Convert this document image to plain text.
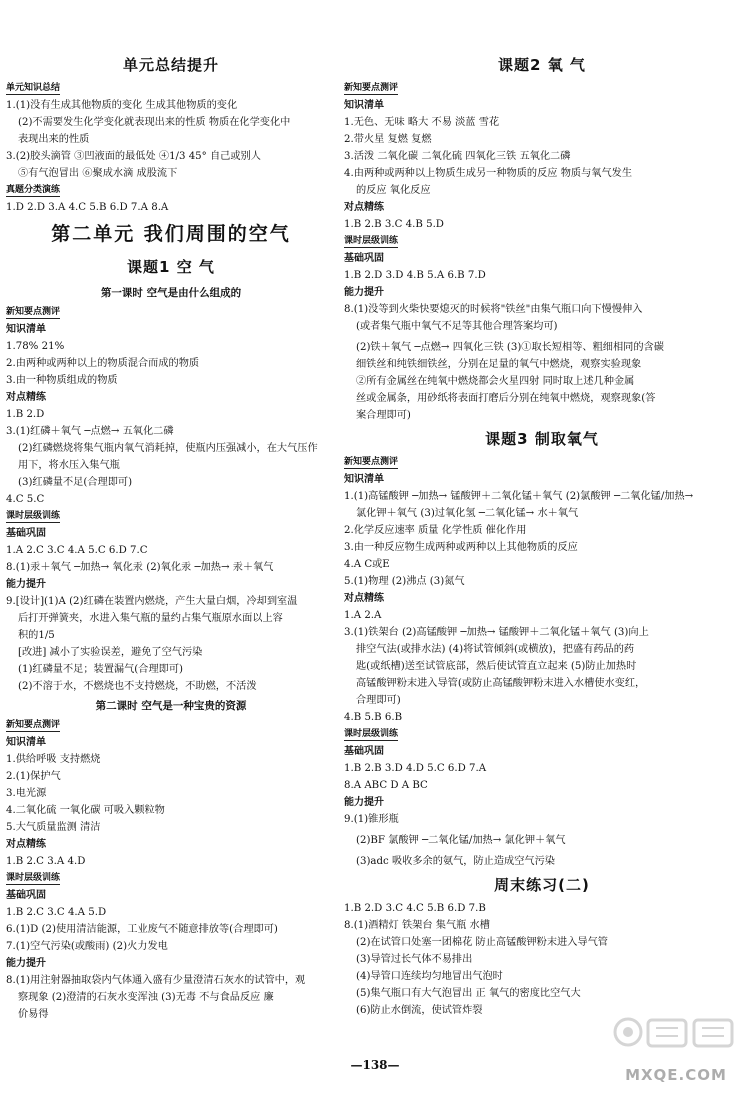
单元总结提升
单元知识总结
1.(1)没有生成其他物质的变化 生成其他物质的变化
(2)不需要发生化学变化就表现出来的性质 物质在化学变化中
表现出来的性质
3.(2)胶头滴管 ③凹液面的最低处 ④1/3 45° 自己或别人
⑤有气泡冒出 ⑥聚成水滴 成股流下
真题分类演练
1.D 2.D 3.A 4.C 5.B 6.D 7.A 8.A
第二单元 我们周围的空气
课题1 空 气
第一课时 空气是由什么组成的
新知要点测评
知识清单
1.78% 21%
2.由两种或两种以上的物质混合而成的物质
3.由一种物质组成的物质
对点精练
1.B 2.D
3.(1)红磷＋氧气 ─点燃→ 五氧化二磷
(2)红磷燃烧将集气瓶内氧气消耗掉，使瓶内压强减小，在大气压作
用下，将水压入集气瓶
(3)红磷量不足(合理即可)
4.C 5.C
课时层级训练
基础巩固
1.A 2.C 3.C 4.A 5.C 6.D 7.C
8.(1)汞＋氧气 ─加热→ 氧化汞 (2)氧化汞 ─加热→ 汞＋氧气
能力提升
9.[设计](1)A (2)红磷在装置内燃烧，产生大量白烟，冷却到室温
后打开弹簧夹，水进入集气瓶的量约占集气瓶原水面以上容
积的1/5
[改进] 减小了实验误差，避免了空气污染
(1)红磷量不足；装置漏气(合理即可)
(2)不溶于水，不燃烧也不支持燃烧，不助燃，不活泼
第二课时 空气是一种宝贵的资源
新知要点测评
知识清单
1.供给呼吸 支持燃烧
2.(1)保护气
3.电光源
4.二氧化硫 一氧化碳 可吸入颗粒物
5.大气质量监测 清洁
对点精练
1.B 2.C 3.A 4.D
课时层级训练
基础巩固
1.B 2.C 3.C 4.A 5.D
6.(1)D (2)使用清洁能源，工业废气不随意排放等(合理即可)
7.(1)空气污染(或酸雨) (2)火力发电
能力提升
8.(1)用注射器抽取袋内气体通入盛有少量澄清石灰水的试管中，观
察现象 (2)澄清的石灰水变浑浊 (3)无毒 不与食品反应 廉
价易得
课题2 氧 气
新知要点测评
知识清单
1.无色、无味 略大 不易 淡蓝 雪花
2.带火星 复燃 复燃
3.活泼 二氧化碳 二氧化硫 四氧化三铁 五氧化二磷
4.由两种或两种以上物质生成另一种物质的反应 物质与氧气发生
的反应 氧化反应
对点精练
1.B 2.B 3.C 4.B 5.D
课时层级训练
基础巩固
1.B 2.D 3.D 4.B 5.A 6.B 7.D
能力提升
8.(1)没等到火柴快要熄灭的时候将"铁丝"由集气瓶口向下慢慢伸入
(或者集气瓶中氧气不足等其他合理答案均可)
(2)铁＋氧气 ─点燃→ 四氧化三铁 (3)①取长短相等、粗细相同的含碳
细铁丝和纯铁细铁丝，分别在足量的氧气中燃烧，观察实验现象
②所有金属丝在纯氧中燃烧都会火星四射 同时取上述几种金属
丝或金属条，用砂纸将表面打磨后分别在纯氧中燃烧，观察现象(答
案合理即可)
课题3 制取氧气
新知要点测评
知识清单
1.(1)高锰酸钾 ─加热→ 锰酸钾＋二氧化锰＋氧气 (2)氯酸钾 ─二氧化锰/加热→
氯化钾＋氧气 (3)过氧化氢 ─二氧化锰→ 水＋氧气
2.化学反应速率 质量 化学性质 催化作用
3.由一种反应物生成两种或两种以上其他物质的反应
4.A C或E
5.(1)物理 (2)沸点 (3)氮气
对点精练
1.A 2.A
3.(1)铁架台 (2)高锰酸钾 ─加热→ 锰酸钾＋二氧化锰＋氧气 (3)向上
排空气法(或排水法) (4)将试管倾斜(或横放)，把盛有药品的药
匙(或纸槽)送至试管底部，然后使试管直立起来 (5)防止加热时
高锰酸钾粉末进入导管(或防止高锰酸钾粉末进入水槽使水变红，
合理即可)
4.B 5.B 6.B
课时层级训练
基础巩固
1.B 2.B 3.D 4.D 5.C 6.D 7.A
8.A ABC D A BC
能力提升
9.(1)锥形瓶
(2)BF 氯酸钾 ─二氧化锰/加热→ 氯化钾＋氧气
(3)adc 吸收多余的氨气，防止造成空气污染
周末练习(二)
1.B 2.D 3.C 4.C 5.B 6.D 7.B
8.(1)酒精灯 铁架台 集气瓶 水槽
(2)在试管口处塞一团棉花 防止高锰酸钾粉末进入导气管
(3)导管过长气体不易排出
(4)导管口连续均匀地冒出气泡时
(5)集气瓶口有大气泡冒出 正 氧气的密度比空气大
(6)防止水倒流，使试管炸裂
—138—
MXQE.COM
